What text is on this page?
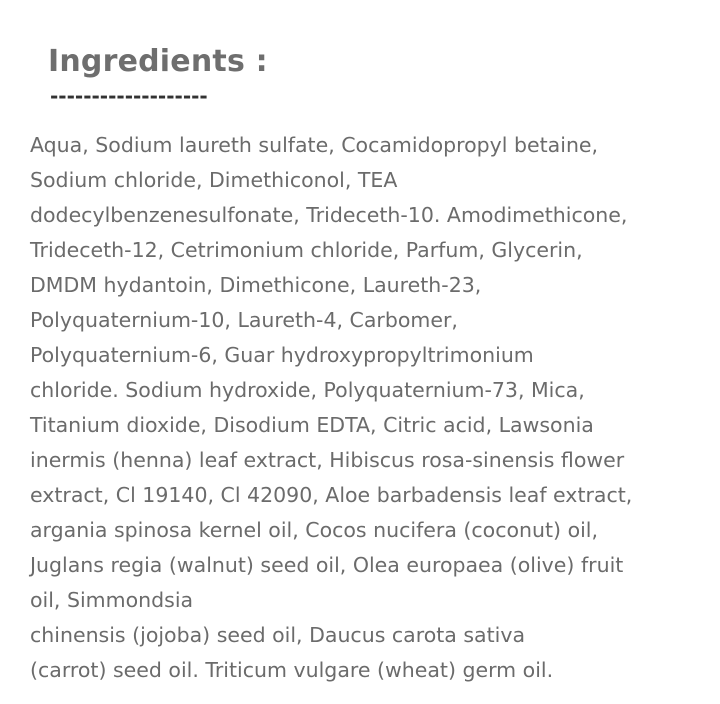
Ingredients :
-------------------
Aqua, Sodium laureth sulfate, Cocamidopropyl betaine,
Sodium chloride, Dimethiconol, TEA
dodecylbenzenesulfonate, Trideceth-10. Amodimethicone,
Trideceth-12, Cetrimonium chloride, Parfum, Glycerin,
DMDM hydantoin, Dimethicone, Laureth-23,
Polyquaternium-10, Laureth-4, Carbomer,
Polyquaternium-6, Guar hydroxypropyltrimonium
chloride. Sodium hydroxide, Polyquaternium-73, Mica,
Titanium dioxide, Disodium EDTA, Citric acid, Lawsonia
inermis (henna) leaf extract, Hibiscus rosa-sinensis flower
extract, Cl 19140, Cl 42090, Aloe barbadensis leaf extract,
argania spinosa kernel oil, Cocos nucifera (coconut) oil,
Juglans regia (walnut) seed oil, Olea europaea (olive) fruit
oil, Simmondsia
chinensis (jojoba) seed oil, Daucus carota sativa
(carrot) seed oil. Triticum vulgare (wheat) germ oil.
